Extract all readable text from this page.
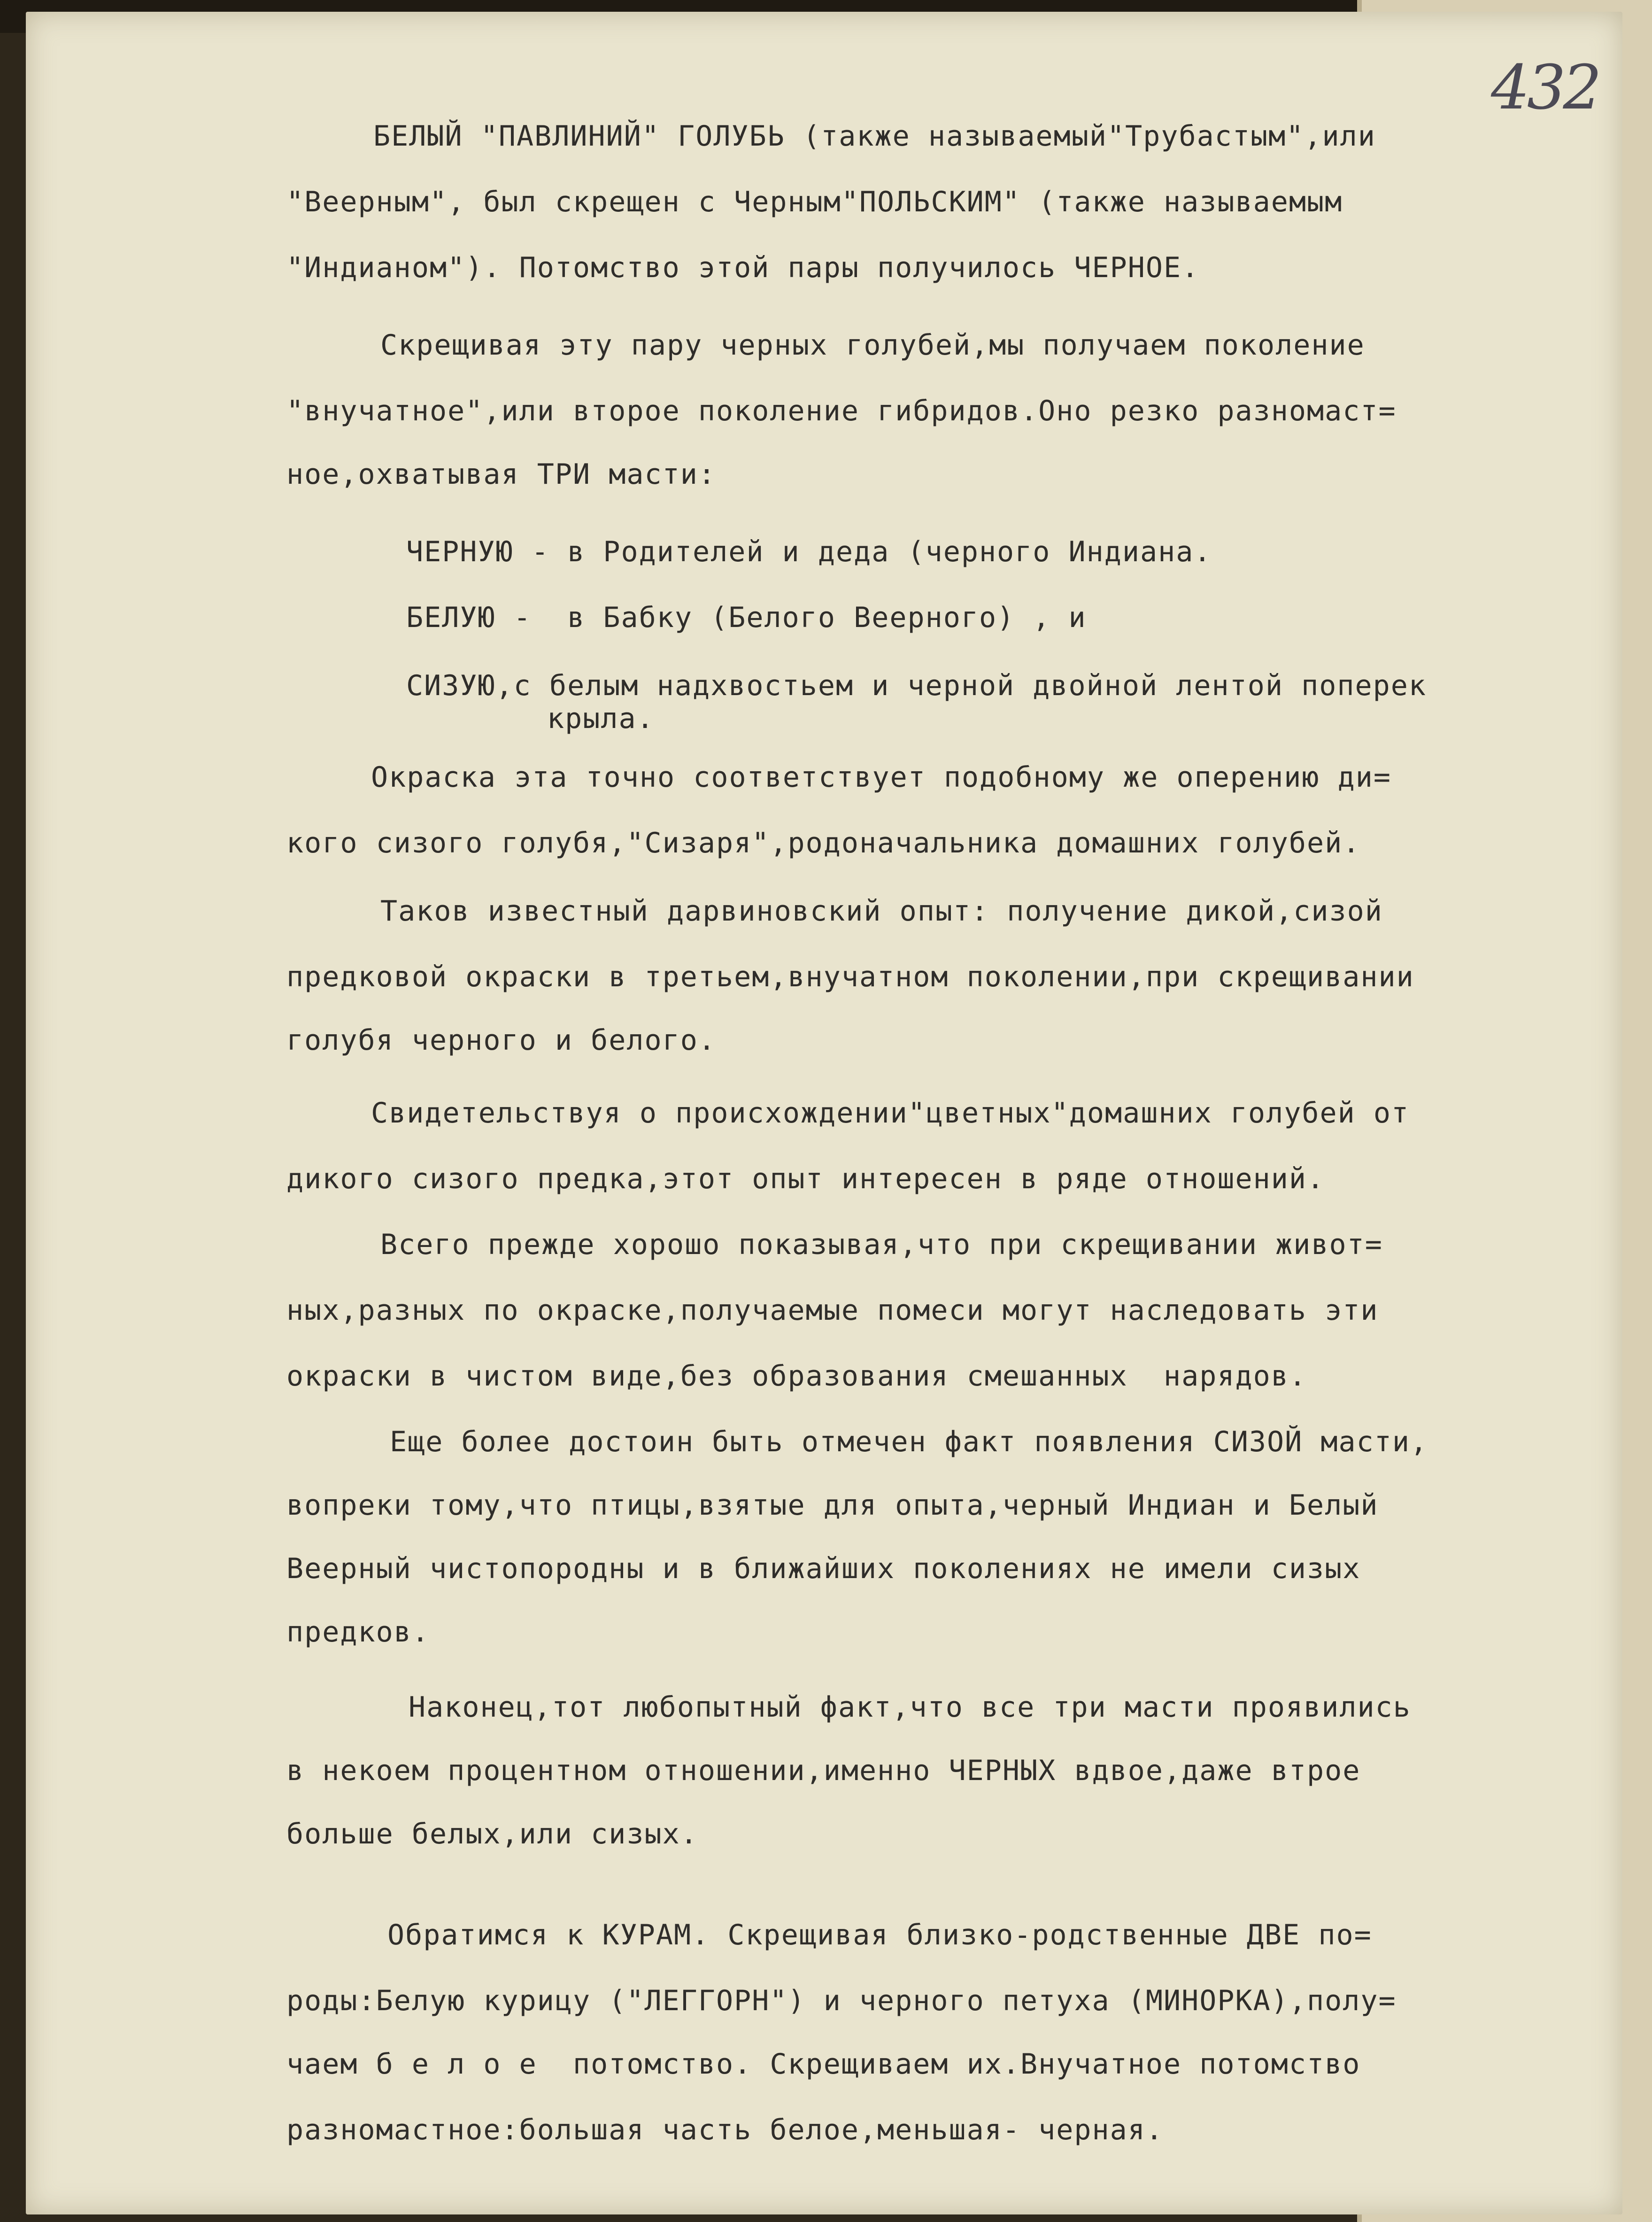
432

БЕЛЫЙ "ПАВЛИНИЙ" ГОЛУБЬ (также называемый"Трубастым",или

"Веерным", был скрещен с Черным"ПОЛЬСКИМ" (также называемым

"Индианом"). Потомство этой пары получилось ЧЕРНОЕ.

Скрещивая эту пару черных голубей,мы получаем поколение

"внучатное",или второе поколение гибридов.Оно резко разномаст=

ное,охватывая ТРИ масти:

ЧЕРНУЮ - в Родителей и деда (черного Индиана.

БЕЛУЮ -  в Бабку (Белого Веерного) , и

СИЗУЮ,с белым надхвостьем и черной двойной лентой поперек

крыла.

Окраска эта точно соответствует подобному же оперению ди=

кого сизого голубя,"Сизаря",родоначальника домашних голубей.

Таков известный дарвиновский опыт: получение дикой,сизой

предковой окраски в третьем,внучатном поколении,при скрещивании

голубя черного и белого.

Свидетельствуя о происхождении"цветных"домашних голубей от

дикого сизого предка,этот опыт интересен в ряде отношений.

Всего прежде хорошо показывая,что при скрещивании живот=

ных,разных по окраске,получаемые помеси могут наследовать эти

окраски в чистом виде,без образования смешанных  нарядов.

Еще более достоин быть отмечен факт появления СИЗОЙ масти,

вопреки тому,что птицы,взятые для опыта,черный Индиан и Белый

Веерный чистопородны и в ближайших поколениях не имели сизых

предков.

Наконец,тот любопытный факт,что все три масти проявились

в некоем процентном отношении,именно ЧЕРНЫХ вдвое,даже втрое

больше белых,или сизых.

Обратимся к КУРАМ. Скрещивая близко-родственные ДВЕ по=

роды:Белую курицу ("ЛЕГГОРН") и черного петуха (МИНОРКА),полу=

чаем б е л о е  потомство. Скрещиваем их.Внучатное потомство

разномастное:большая часть белое,меньшая- черная.
